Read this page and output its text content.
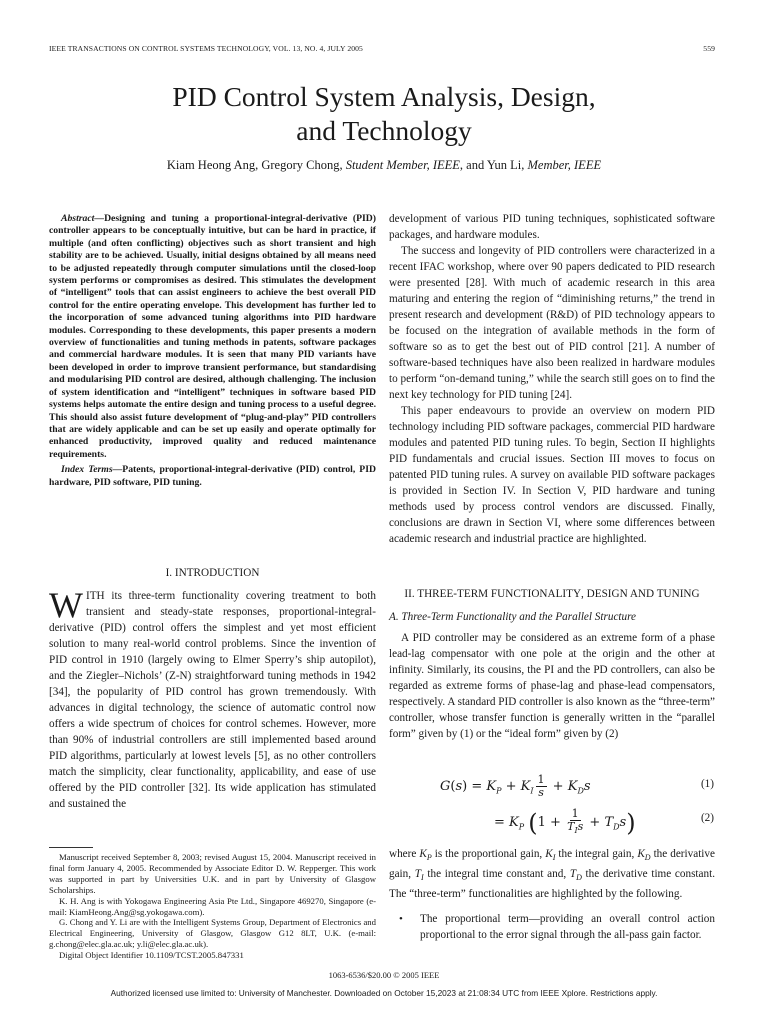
IEEE TRANSACTIONS ON CONTROL SYSTEMS TECHNOLOGY, VOL. 13, NO. 4, JULY 2005	559
PID Control System Analysis, Design,
and Technology
Kiam Heong Ang, Gregory Chong, Student Member, IEEE, and Yun Li, Member, IEEE

Abstract—Designing and tuning a proportional-integral-derivative (PID) controller appears to be conceptually intuitive, but can be hard in practice, if multiple (and often conflicting) objectives such as short transient and high stability are to be achieved. Usually, initial designs obtained by all means need to be adjusted repeatedly through computer simulations until the closed-loop system performs or compromises as desired. This stimulates the development of “intelligent” tools that can assist engineers to achieve the best overall PID control for the entire operating envelope. This development has further led to the incorporation of some advanced tuning algorithms into PID hardware modules. Corresponding to these developments, this paper presents a modern overview of functionalities and tuning methods in patents, software packages and commercial hardware modules. It is seen that many PID variants have been developed in order to improve transient performance, but standardising and modularising PID control are desired, although challenging. The inclusion of system identification and “intelligent” techniques in software based PID systems helps automate the entire design and tuning process to a useful degree. This should also assist future development of “plug-and-play” PID controllers that are widely applicable and can be set up easily and operate optimally for enhanced productivity, improved quality and reduced maintenance requirements.

Index Terms—Patents, proportional-integral-derivative (PID) control, PID hardware, PID software, PID tuning.

I. INTRODUCTION

WITH its three-term functionality covering treatment to both transient and steady-state responses, proportional-integral-derivative (PID) control offers the simplest and yet most efficient solution to many real-world control problems. Since the invention of PID control in 1910 (largely owing to Elmer Sperry’s ship autopilot), and the Ziegler–Nichols’ (Z-N) straightforward tuning methods in 1942 [34], the popularity of PID control has grown tremendously. With advances in digital technology, the science of automatic control now offers a wide spectrum of choices for control schemes. However, more than 90% of industrial controllers are still implemented based around PID algorithms, particularly at lowest levels [5], as no other controllers match the simplicity, clear functionality, applicability, and ease of use offered by the PID controller [32]. Its wide application has stimulated and sustained the

Manuscript received September 8, 2003; revised August 15, 2004. Manuscript received in final form January 4, 2005. Recommended by Associate Editor D. W. Repperger. This work was supported in part by Universities U.K. and in part by University of Glasgow Scholarships.

K. H. Ang is with Yokogawa Engineering Asia Pte Ltd., Singapore 469270, Singapore (e-mail: KiamHeong.Ang@sg.yokogawa.com).

G. Chong and Y. Li are with the Intelligent Systems Group, Department of Electronics and Electrical Engineering, University of Glasgow, Glasgow G12 8LT, U.K. (e-mail: g.chong@elec.gla.ac.uk; y.li@elec.gla.ac.uk).

Digital Object Identifier 10.1109/TCST.2005.847331

development of various PID tuning techniques, sophisticated software packages, and hardware modules.

The success and longevity of PID controllers were characterized in a recent IFAC workshop, where over 90 papers dedicated to PID research were presented [28]. With much of academic research in this area maturing and entering the region of “diminishing returns,” the trend in present research and development (R&D) of PID technology appears to be focused on the integration of available methods in the form of software so as to get the best out of PID control [21]. A number of software-based techniques have also been realized in hardware modules to perform “on-demand tuning,” while the search still goes on to find the next key technology for PID tuning [24].

This paper endeavours to provide an overview on modern PID technology including PID software packages, commercial PID hardware modules and patented PID tuning rules. To begin, Section II highlights PID fundamentals and crucial issues. Section III moves to focus on patented PID tuning rules. A survey on available PID software packages is provided in Section IV. In Section V, PID hardware and tuning methods used by process control vendors are discussed. Finally, conclusions are drawn in Section VI, where some differences between academic research and industrial practice are highlighted.

II. THREE-TERM FUNCTIONALITY, DESIGN AND TUNING
A. Three-Term Functionality and the Parallel Structure

A PID controller may be considered as an extreme form of a phase lead-lag compensator with one pole at the origin and the other at infinity. Similarly, its cousins, the PI and the PD controllers, can also be regarded as extreme forms of phase-lag and phase-lead compensators, respectively. A standard PID controller is also known as the “three-term” controller, whose transfer function is generally written in the “parallel form” given by (1) or the “ideal form” given by (2)

$G(s) = K_P + K_I \frac{1}{s} + K_Ds$	(1)
= $K_P$ $(1 + \frac{1}{T_Is} + T_Ds)$	(2)

where $K_P$ is the proportional gain, $K_I$ the integral gain, $K_D$ the derivative gain, $T_I$ the integral time constant and, $T_D$ the derivative time constant. The “three-term” functionalities are highlighted by the following.

• The proportional term—providing an overall control action proportional to the error signal through the all-pass gain factor.

1063-6536/$20.00 © 2005 IEEE
Authorized licensed use limited to: University of Manchester. Downloaded on October 15,2023 at 21:08:34 UTC from IEEE Xplore. Restrictions apply.
